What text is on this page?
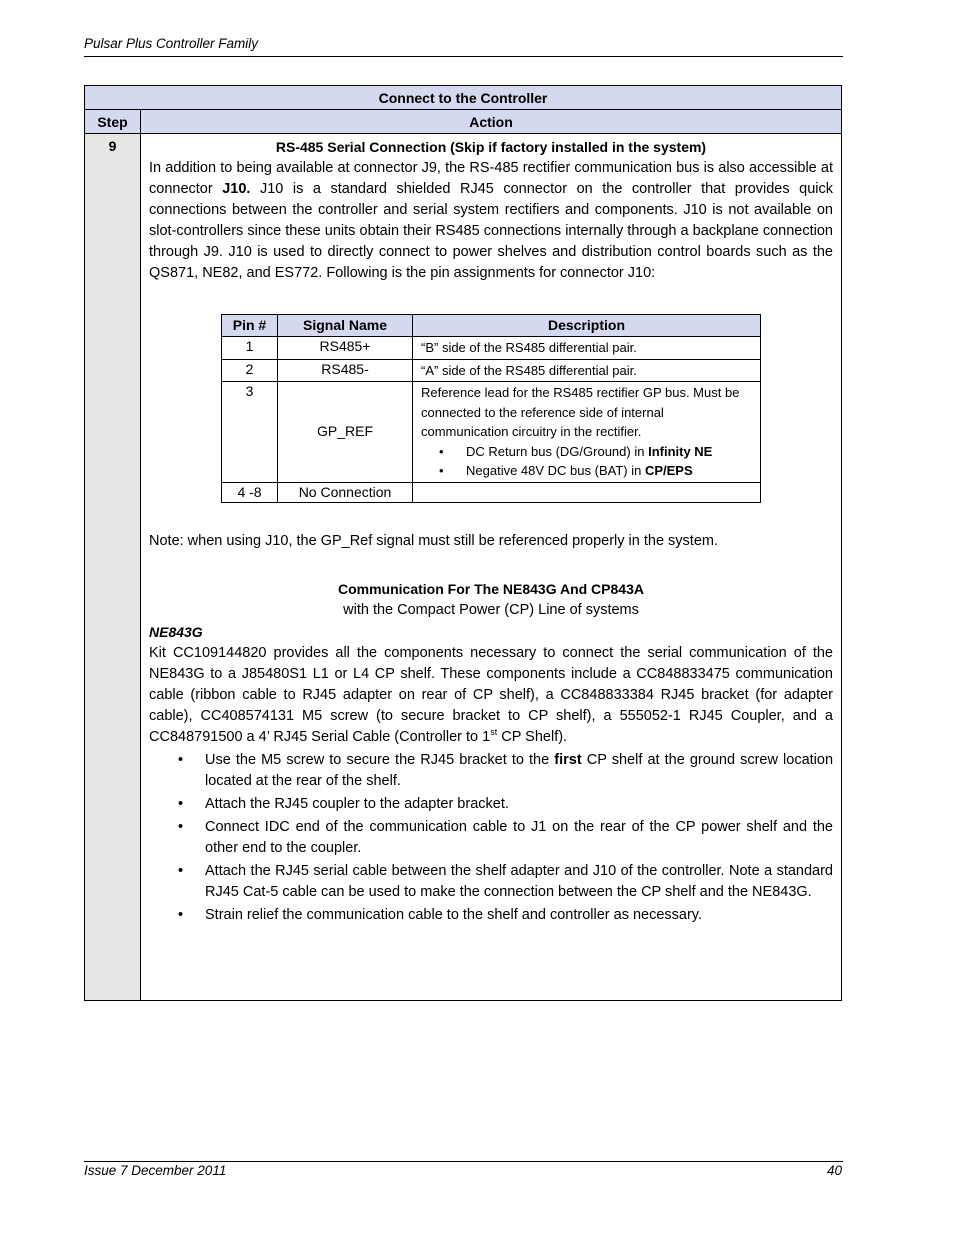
Pulsar Plus Controller Family
Connect to the Controller
Step	Action
9	RS-485 Serial Connection (Skip if factory installed in the system)

In addition to being available at connector J9, the RS-485 rectifier communication bus is also accessible at connector J10. J10 is a standard shielded RJ45 connector on the controller that provides quick connections between the controller and serial system rectifiers and components. J10 is not available on slot-controllers since these units obtain their RS485 connections internally through a backplane connection through J9. J10 is used to directly connect to power shelves and distribution control boards such as the QS871, NE82, and ES772. Following is the pin assignments for connector J10:

Pin #	Signal Name	Description
1	RS485+	“B” side of the RS485 differential pair.
2	RS485-	“A” side of the RS485 differential pair.
3	GP_REF	
Reference lead for the RS485 rectifier GP bus. Must be connected to the reference side of internal communication circuitry in the rectifier.
• DC Return bus (DG/Ground) in Infinity NE
• Negative 48V DC bus (BAT) in CP/EPS

4 -8	No Connection	
Note: when using J10, the GP_Ref signal must still be referenced properly in the system.
Communication For The NE843G And CP843A
with the Compact Power (CP) Line of systems
NE843G

Kit CC109144820 provides all the components necessary to connect the serial communication of the NE843G to a J85480S1 L1 or L4 CP shelf. These components include a CC848833475 communication cable (ribbon cable to RJ45 adapter on rear of CP shelf), a CC848833384 RJ45 bracket (for adapter cable), CC408574131 M5 screw (to secure bracket to CP shelf), a 555052-1 RJ45 Coupler, and a CC848791500 a 4’ RJ45 Serial Cable (Controller to 1st CP Shelf).

• Use the M5 screw to secure the RJ45 bracket to the first CP shelf at the ground screw location located at the rear of the shelf.
• Attach the RJ45 coupler to the adapter bracket.
• Connect IDC end of the communication cable to J1 on the rear of the CP power shelf and the other end to the coupler.
• Attach the RJ45 serial cable between the shelf adapter and J10 of the controller. Note a standard RJ45 Cat-5 cable can be used to make the connection between the CP shelf and the NE843G.
• Strain relief the communication cable to the shelf and controller as necessary.
Issue 7 December 2011	40
